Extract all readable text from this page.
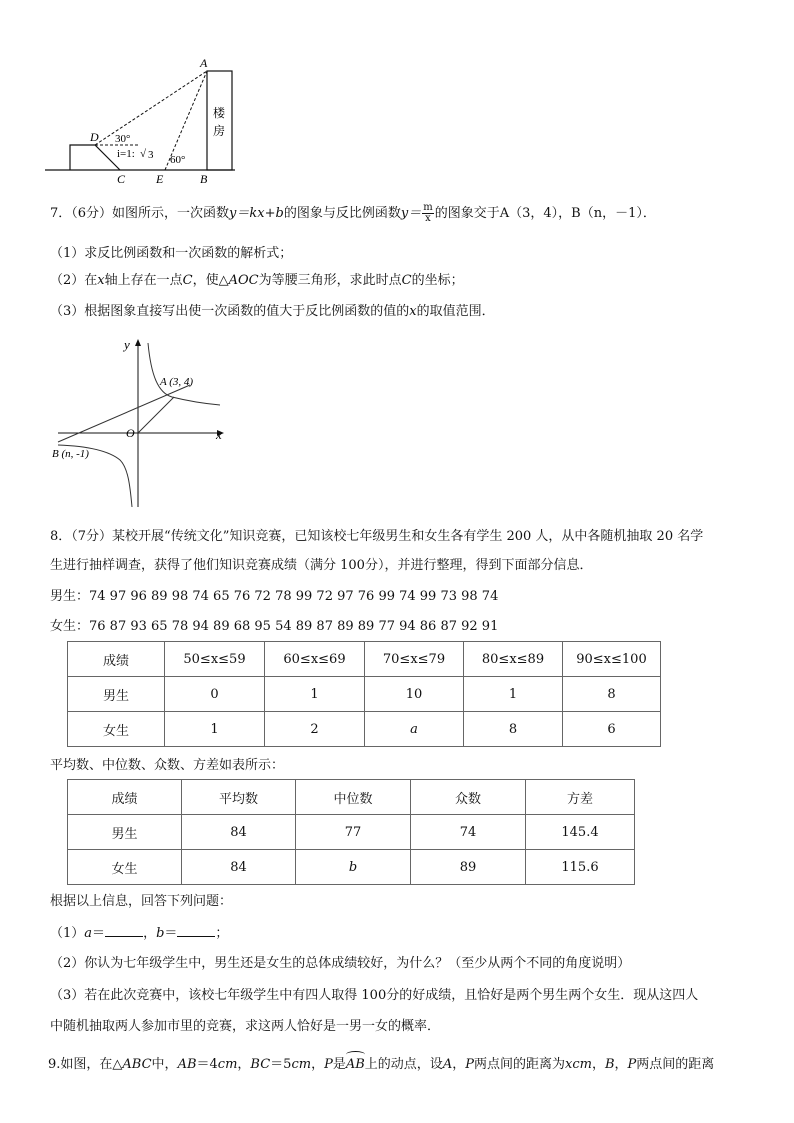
A
D 30°
i=1: √ 3 60°
C	E	B
楼
房
7．（6分）如图所示，一次函数y＝kx+b的图象与反比例函数$y= \frac{m}{x}$ 的图象交于A（3，4），B（n，－1）．
（1）求反比例函数和一次函数的解析式；
（2）在x轴上存在一点C，使△AOC为等腰三角形，求此时点C的坐标；
（3）根据图象直接写出使一次函数的值大于反比例函数的值的x的取值范围．
y
x
O
A (3, 4)
B (n, -1)
8．（7分）某校开展“传统文化”知识竞赛，已知该校七年级男生和女生各有学生 200 人，从中各随机抽取 20 名学
生进行抽样调查，获得了他们知识竞赛成绩（满分 100分），并进行整理，得到下面部分信息．
男生：74 97 96 89 98 74 65 76 72 78 99 72 97 76 99 74 99 73 98 74
女生：76 87 93 65 78 94 89 68 95 54 89 87 89 89 77 94 86 87 92 91
成绩	50≤x≤59	60≤x≤69	70≤x≤79	80≤x≤89	90≤x≤100
男生	0	1	10	1	8
女生	1	2	a	8	6
平均数、中位数、众数、方差如表所示：
成绩	平均数	中位数	众数	方差
男生	84	77	74	145.4
女生	84	b	89	115.6
根据以上信息，回答下列问题：
（1）a＝	，b＝	；
（2）你认为七年级学生中，男生还是女生的总体成绩较好，为什么？（至少从两个不同的角度说明）
（3）若在此次竞赛中，该校七年级学生中有四人取得 100分的好成绩，且恰好是两个男生两个女生．现从这四人
中随机抽取两人参加市里的竞赛，求这两人恰好是一男一女的概率．
9.如图，在△ABC中，AB＝4cm，BC＝5cm，P是AB上的动点，设A，P两点间的距离为xcm，B，P两点间的距离
